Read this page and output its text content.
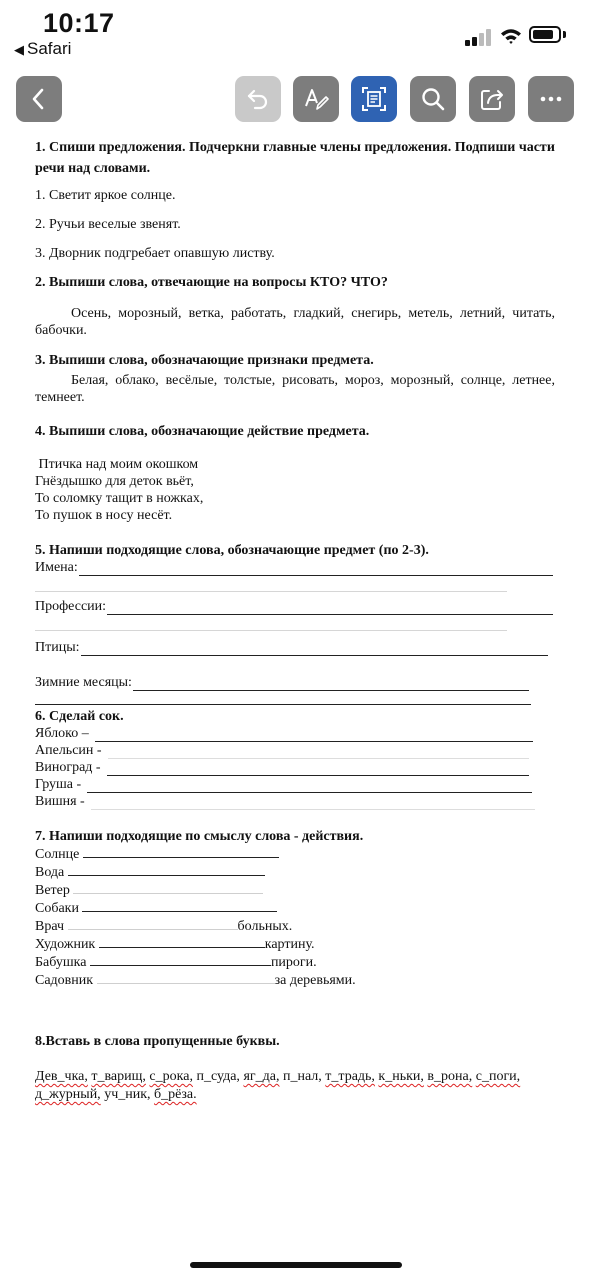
10:17
◀ Safari
1. Спиши предложения. Подчеркни главные члены предложения. Подпиши части речи над словами.
1. Светит яркое солнце.
2. Ручьи веселые звенят.
3. Дворник подгребает опавшую листву.
2. Выпиши слова, отвечающие на вопросы КТО? ЧТО?
Осень, морозный, ветка, работать, гладкий, снегирь, метель, летний, читать, бабочки.
3. Выпиши слова, обозначающие признаки предмета.
Белая, облако, весёлые, толстые, рисовать, мороз, морозный, солнце, летнее, темнеет.
4. Выпиши слова, обозначающие действие предмета.
Птичка над моим окошком
Гнёздышко для деток вьёт,
То соломку тащит в ножках,
То пушок в носу несёт.
5. Напиши подходящие слова, обозначающие предмет (по 2-3).
Имена:
Профессии:
Птицы:
Зимние месяцы:
6. Сделай сок.
Яблоко –
Апельсин -
Виноград -
Груша -
Вишня -
7. Напиши подходящие по смыслу слова - действия.
Солнце
Вода
Ветер
Собаки
Врач	больных.
Художник	картину.
Бабушка	пироги.
Садовник	за деревьями.
8.Вставь в слова пропущенные буквы.
Дев_чка, т_варищ, с_рока, п_суда, яг_да, п_нал, т_традь, к_ньки, в_рона, с_поги, д_журный, уч_ник, б_рёза.
